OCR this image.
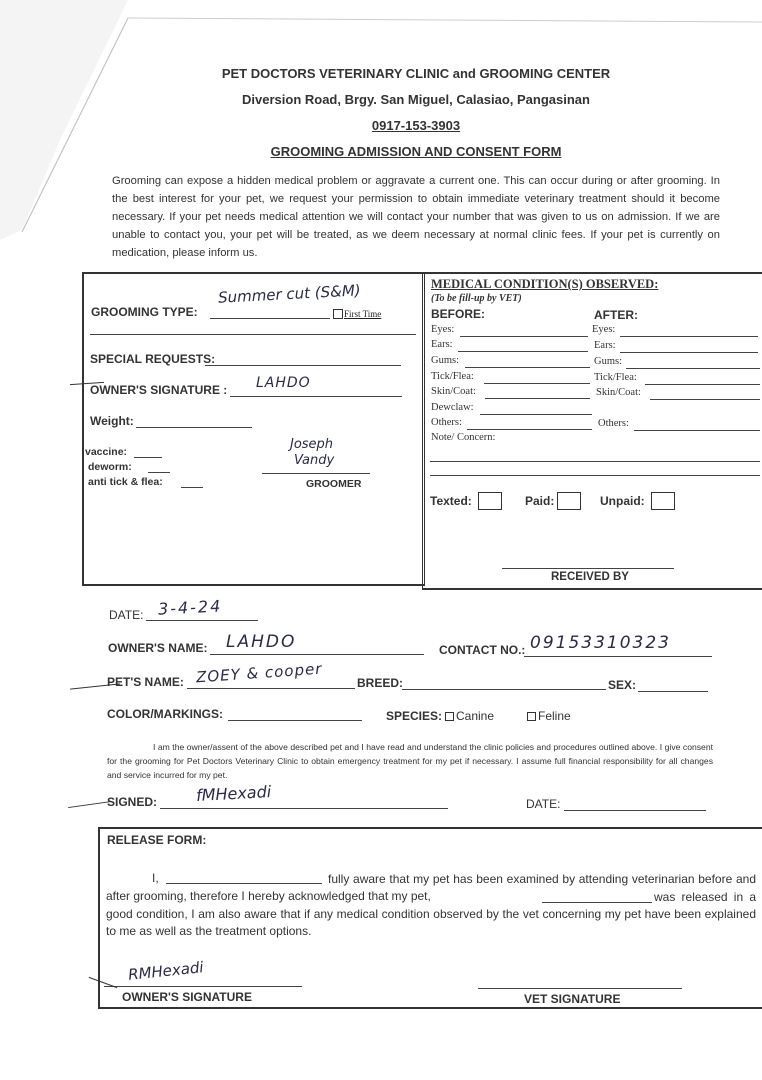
PET DOCTORS VETERINARY CLINIC and GROOMING CENTER
Diversion Road, Brgy. San Miguel, Calasiao, Pangasinan
0917-153-3903
GROOMING ADMISSION AND CONSENT FORM
Grooming can expose a hidden medical problem or aggravate a current one. This can occur during or after grooming. In the best interest for your pet, we request your permission to obtain immediate veterinary treatment should it become necessary. If your pet needs medical attention we will contact your number that was given to us on admission. If we are unable to contact you, your pet will be treated, as we deem necessary at normal clinic fees. If your pet is currently on medication, please inform us.
GROOMING TYPE:
Summer cut (S&M)
First Time
SPECIAL REQUESTS:
OWNER'S SIGNATURE : LAHDO
Weight:
vaccine:
deworm:
anti tick & flea:
Joseph
Vandy
GROOMER
MEDICAL CONDITION(S) OBSERVED:
(To be fill-up by VET)
BEFORE:	AFTER:
Eyes:	Eyes:
Ears:	Ears:
Gums:	Gums:
Tick/Flea:	Tick/Flea:
Skin/Coat:	Skin/Coat:
Dewclaw:
Others:	Others:
Note/ Concern:
Texted:	Paid:	Unpaid:
RECEIVED BY
DATE: 3-4-24
OWNER'S NAME: LAHDO	CONTACT NO.: 09153310323
PET'S NAME: ZOEY & cooper	BREED:	SEX:
COLOR/MARKINGS:	SPECIES: Canine	Feline
I am the owner/assent of the above described pet and I have read and understand the clinic policies and procedures outlined above. I give consent for the grooming for Pet Doctors Veterinary Clinic to obtain emergency treatment for my pet if necessary. I assume full financial responsibility for all changes and service incurred for my pet.
SIGNED: fMHexadi	DATE:
RELEASE FORM:
I,	fully aware that my pet has been examined by attending veterinarian before and after grooming, therefore I hereby acknowledged that my pet,	was released in a good condition, I am also aware that if any medical condition observed by the vet concerning my pet have been explained to me as well as the treatment options.
RMHexadi
OWNER'S SIGNATURE	VET SIGNATURE
